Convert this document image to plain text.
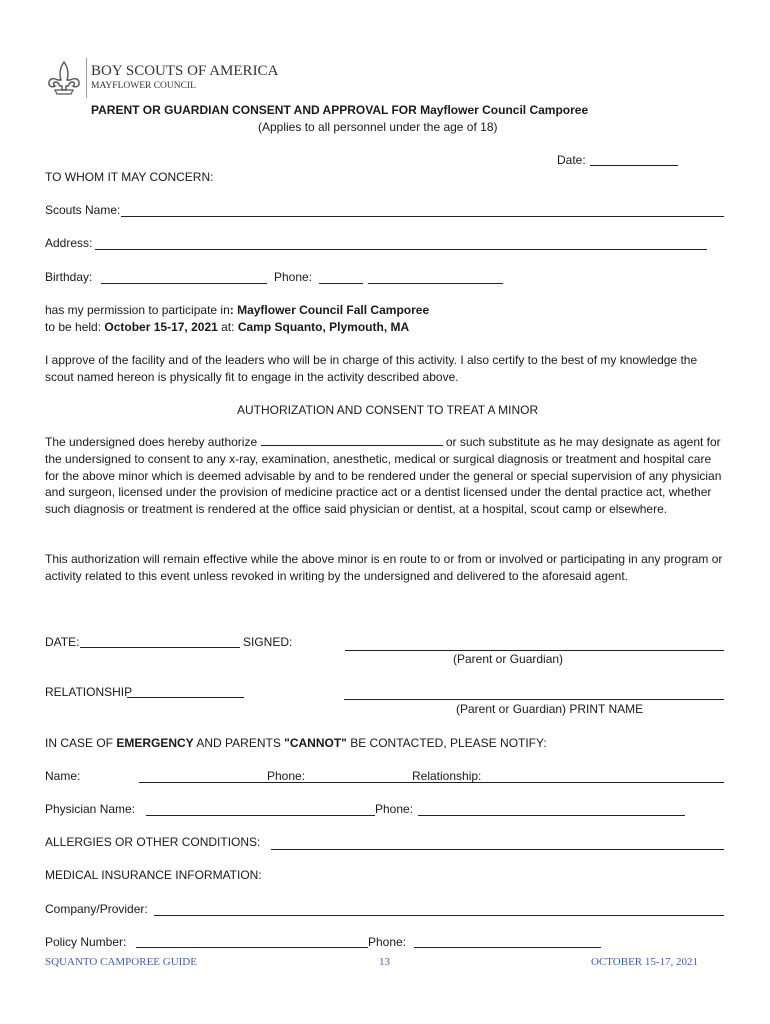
BOY SCOUTS OF AMERICA
MAYFLOWER COUNCIL
PARENT OR GUARDIAN CONSENT AND APPROVAL FOR Mayflower Council Camporee
(Applies to all personnel under the age of 18)
Date:
TO WHOM IT MAY CONCERN:
Scouts Name:
Address:
Birthday:	Phone:
has my permission to participate in: Mayflower Council Fall Camporee
to be held: October 15-17, 2021 at: Camp Squanto, Plymouth, MA
I approve of the facility and of the leaders who will be in charge of this activity. I also certify to the best of my knowledge the scout named hereon is physically fit to engage in the activity described above.
AUTHORIZATION AND CONSENT TO TREAT A MINOR
The undersigned does hereby authorize	or such substitute as he may designate as agent for the undersigned to consent to any x-ray, examination, anesthetic, medical or surgical diagnosis or treatment and hospital care for the above minor which is deemed advisable by and to be rendered under the general or special supervision of any physician and surgeon, licensed under the provision of medicine practice act or a dentist licensed under the dental practice act, whether such diagnosis or treatment is rendered at the office said physician or dentist, at a hospital, scout camp or elsewhere.
This authorization will remain effective while the above minor is en route to or from or involved or participating in any program or activity related to this event unless revoked in writing by the undersigned and delivered to the aforesaid agent.
DATE:	SIGNED:
(Parent or Guardian)
RELATIONSHIP
(Parent or Guardian) PRINT NAME
IN CASE OF EMERGENCY AND PARENTS "CANNOT" BE CONTACTED, PLEASE NOTIFY:
Name:	Phone:	Relationship:
Physician Name:	Phone:
ALLERGIES OR OTHER CONDITIONS:
MEDICAL INSURANCE INFORMATION:
Company/Provider:
Policy Number:	Phone:
SQUANTO CAMPOREE GUIDE	13	OCTOBER 15-17, 2021
